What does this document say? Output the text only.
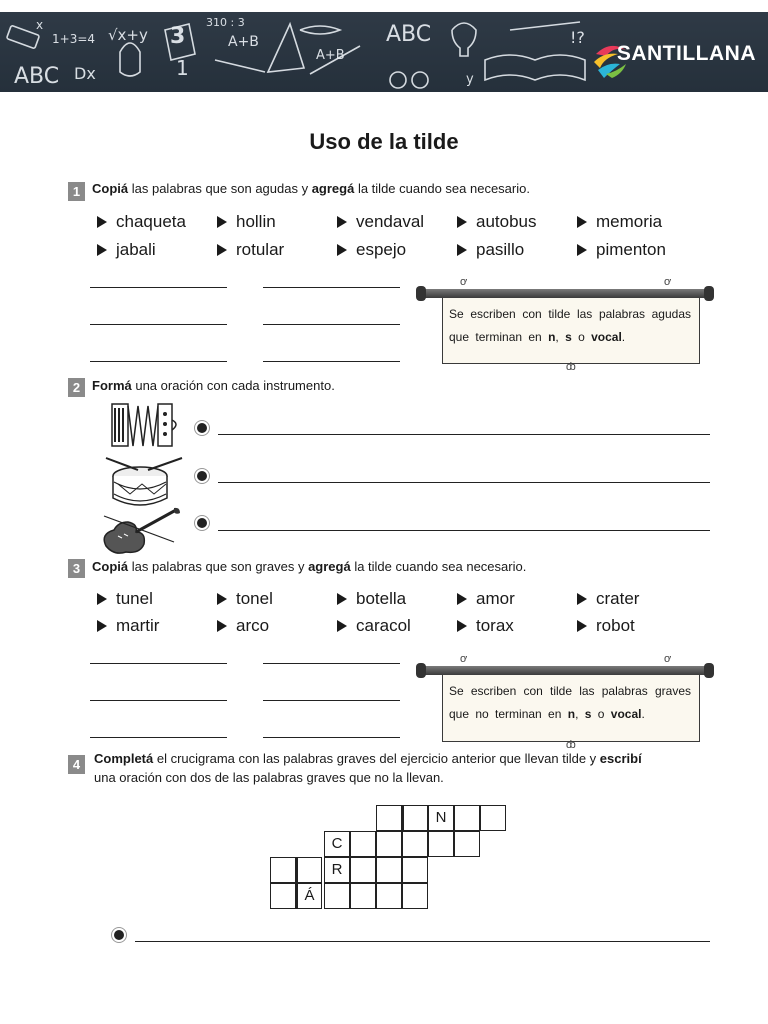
ABC
1+3=4 √x+y 3
1
310 : 3
A+B
A+B
ABC	!?
Dx
x
y
SANTILLANA
Uso de la tilde
1 Copiá las palabras que son agudas y agregá la tilde cuando sea necesario.
chaqueta	hollin	vendaval	autobus	memoria
jabali	rotular	espejo	pasillo	pimenton
ơ	ơ
Se escriben con tilde las palabras agudas que terminan en n, s o vocal.
ȸ
2 Formá una oración con cada instrumento.
3 Copiá las palabras que son graves y agregá la tilde cuando sea necesario.
tunel	tonel	botella	amor	crater
martir	arco	caracol	torax	robot
ơ	ơ
Se escriben con tilde las palabras graves que no terminan en n, s o vocal.
ȸ
4	Completá el crucigrama con las palabras graves del ejercicio anterior que llevan tilde y escribí una oración con dos de las palabras graves que no la llevan.
N
C
R
Á
